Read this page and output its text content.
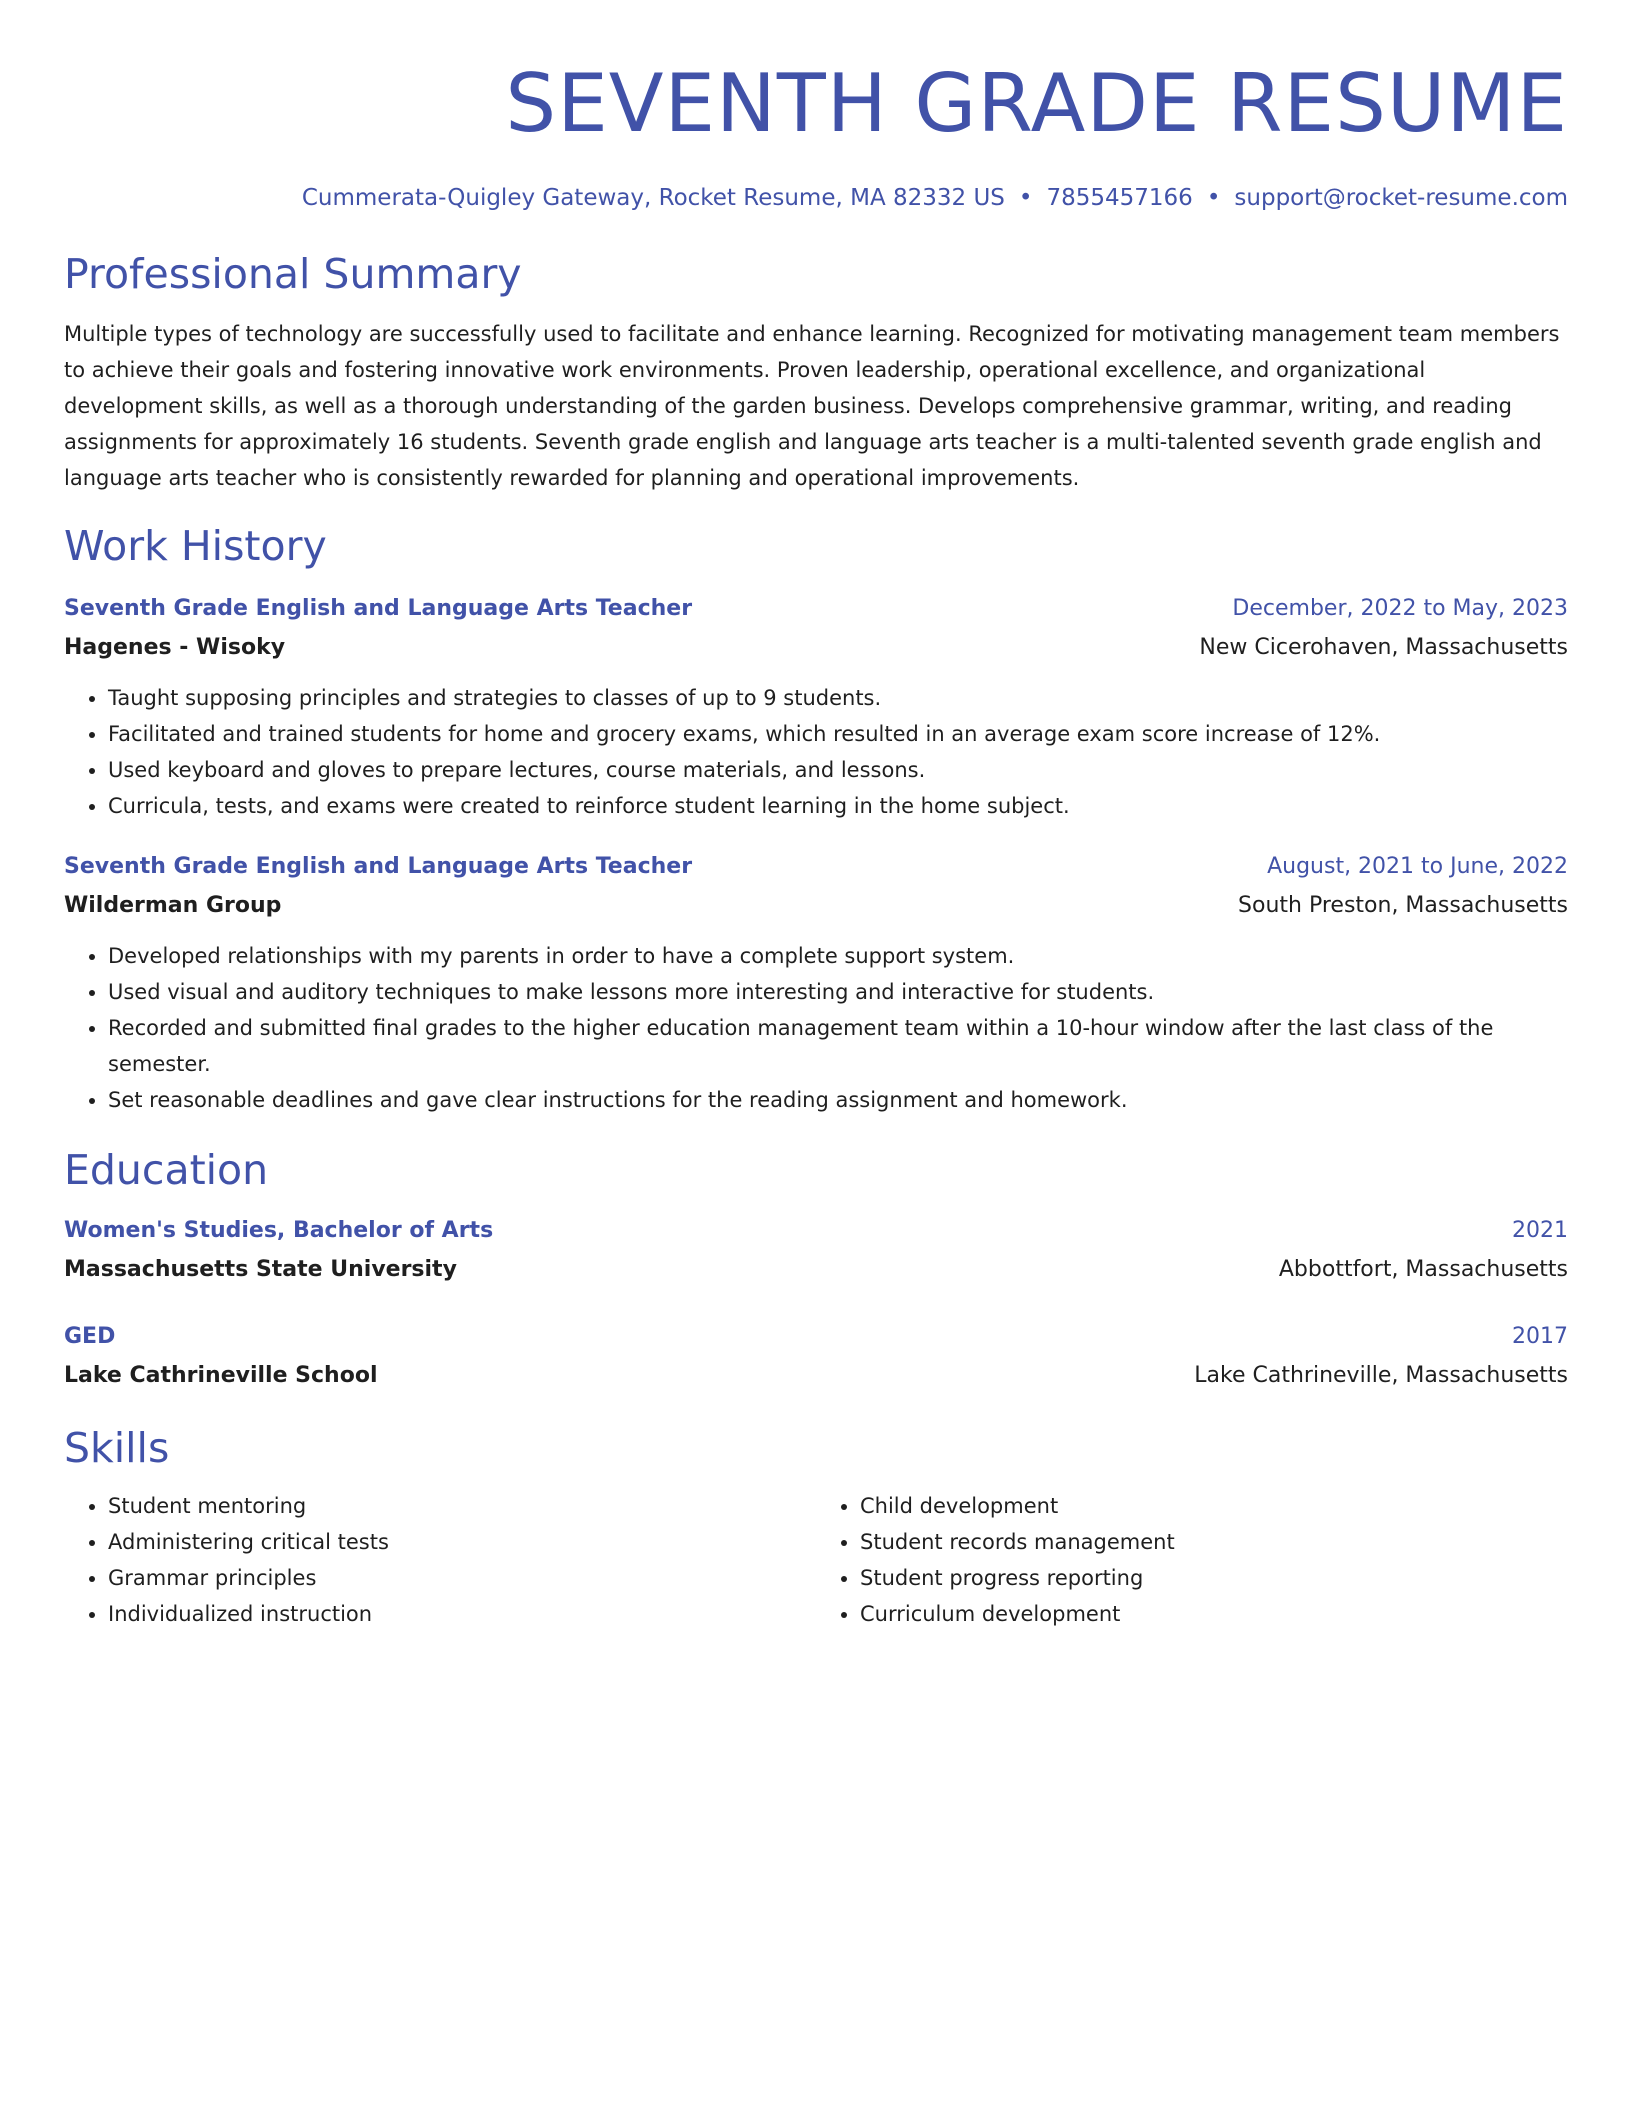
SEVENTH GRADE RESUME
Cummerata-Quigley Gateway, Rocket Resume, MA 82332 US • 7855457166 • support@rocket-resume.com
Professional Summary
Multiple types of technology are successfully used to facilitate and enhance learning. Recognized for motivating management team members to achieve their goals and fostering innovative work environments. Proven leadership, operational excellence, and organizational development skills, as well as a thorough understanding of the garden business. Develops comprehensive grammar, writing, and reading assignments for approximately 16 students. Seventh grade english and language arts teacher is a multi-talented seventh grade english and language arts teacher who is consistently rewarded for planning and operational improvements.
Work History
Seventh Grade English and Language Arts Teacher	December, 2022 to May, 2023
Hagenes - Wisoky	New Cicerohaven, Massachusetts
• Taught supposing principles and strategies to classes of up to 9 students.
• Facilitated and trained students for home and grocery exams, which resulted in an average exam score increase of 12%.
• Used keyboard and gloves to prepare lectures, course materials, and lessons.
• Curricula, tests, and exams were created to reinforce student learning in the home subject.
Seventh Grade English and Language Arts Teacher	August, 2021 to June, 2022
Wilderman Group	South Preston, Massachusetts
• Developed relationships with my parents in order to have a complete support system.
• Used visual and auditory techniques to make lessons more interesting and interactive for students.
• Recorded and submitted final grades to the higher education management team within a 10-hour window after the last class of the semester.
• Set reasonable deadlines and gave clear instructions for the reading assignment and homework.
Education
Women's Studies, Bachelor of Arts	2021
Massachusetts State University	Abbottfort, Massachusetts
GED	2017
Lake Cathrineville School	Lake Cathrineville, Massachusetts
Skills
• Student mentoring
• Administering critical tests
• Grammar principles
• Individualized instruction
• Child development
• Student records management
• Student progress reporting
• Curriculum development
